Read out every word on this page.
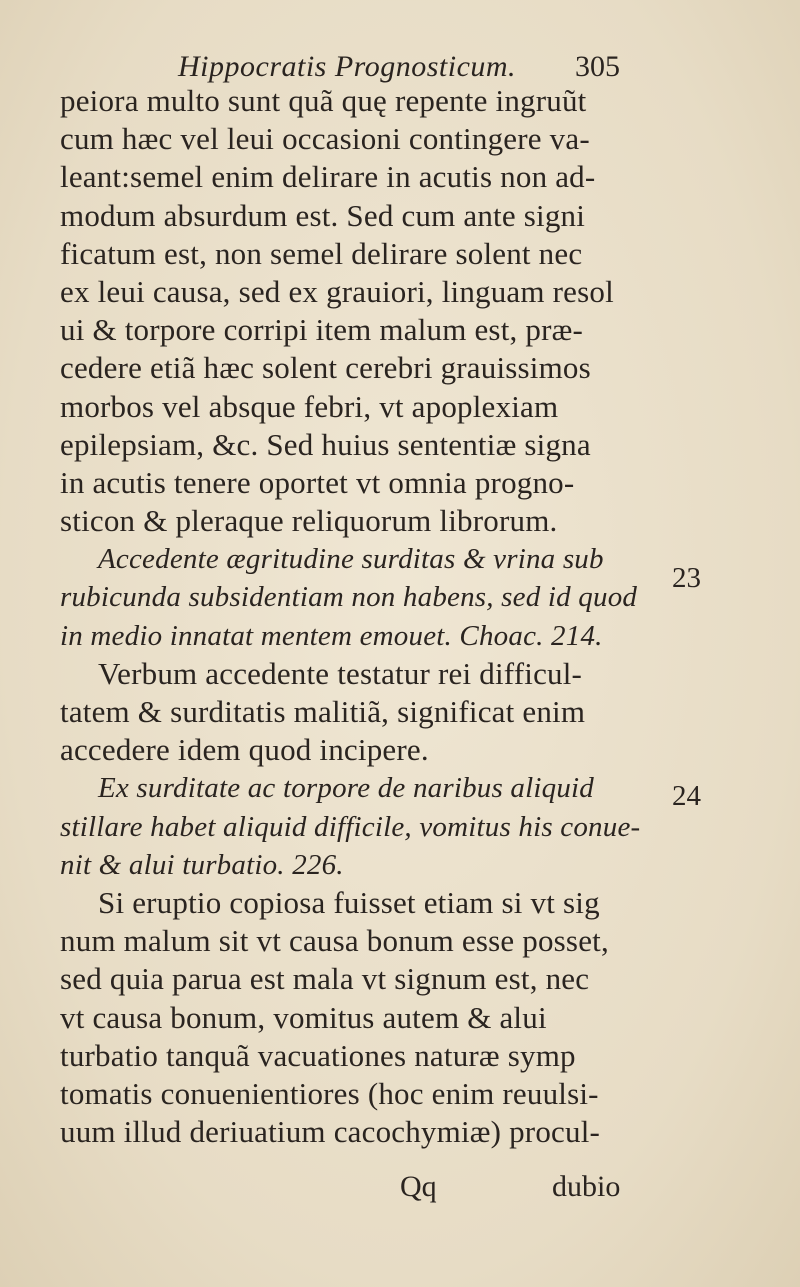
Hippocratis Prognosticum. 305
peiora multo sunt quã quę repente ingruũt
cum hæc vel leui occasioni contingere va-
leant:semel enim delirare in acutis non ad-
modum absurdum est. Sed cum ante signi
ficatum est, non semel delirare solent nec
ex leui causa, sed ex grauiori, linguam resol
ui & torpore corripi item malum est, præ-
cedere etiã hæc solent cerebri grauissimos
morbos vel absque febri, vt apoplexiam
epilepsiam, &c. Sed huius sententiæ signa
in acutis tenere oportet vt omnia progno-
sticon & pleraque reliquorum librorum.
Accedente ægritudine surditas & vrina sub
rubicunda subsidentiam non habens, sed id quod
in medio innatat mentem emouet. Choac. 214.
Verbum accedente testatur rei difficul-
tatem & surditatis malitiã, significat enim
accedere idem quod incipere.
Ex surditate ac torpore de naribus aliquid
stillare habet aliquid difficile, vomitus his conue-
nit & alui turbatio. 226.
Si eruptio copiosa fuisset etiam si vt sig
num malum sit vt causa bonum esse posset,
sed quia parua est mala vt signum est, nec
vt causa bonum, vomitus autem & alui
turbatio tanquã vacuationes naturæ symp
tomatis conuenientiores (hoc enim reuulsi-
uum illud deriuatium cacochymiæ) procul-
23
24
Qq	dubio
